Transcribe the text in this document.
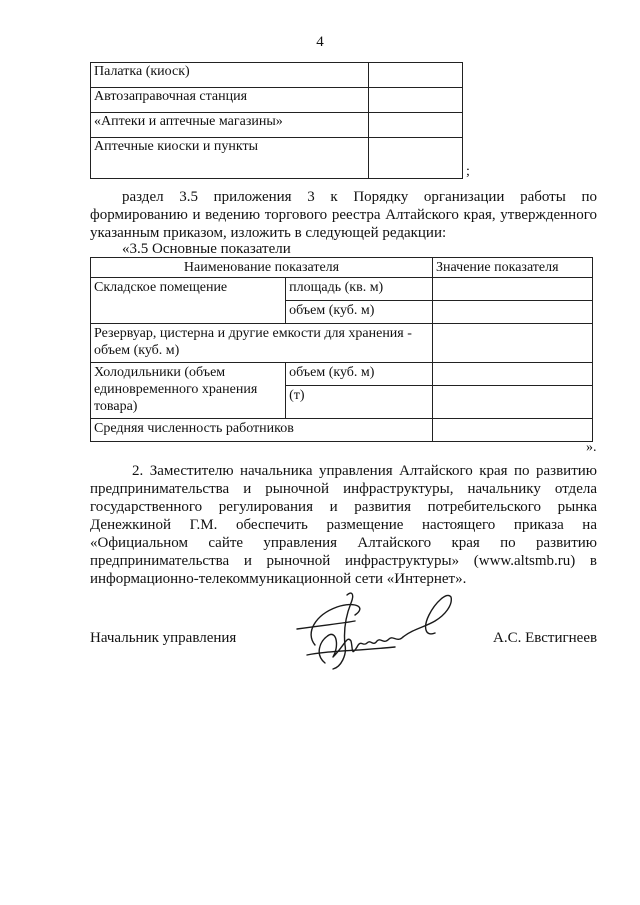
4
Палатка (киоск)	
Автозаправочная станция	
«Аптеки и аптечные магазины»	
Аптечные киоски и пункты	
;
раздел 3.5 приложения 3 к Порядку организации работы по формированию и ведению торгового реестра Алтайского края, утвержденного указанным приказом, изложить в следующей редакции:
«3.5 Основные показатели
Наименование показателя		Значение показателя
Складское помещение	площадь (кв. м)	
	объем (куб. м)	
Резервуар, цистерна и другие емкости для хранения - объем (куб. м)		
Холодильники (объем единовременного хранения товара)	объем (куб. м)	
	(т)	
Средняя численность работников		
».
2. Заместителю начальника управления Алтайского края по развитию предпринимательства и рыночной инфраструктуры, начальнику отдела государственного регулирования и развития потребительского рынка Денежкиной Г.М. обеспечить размещение настоящего приказа на «Официальном сайте управления Алтайского края по развитию предпринимательства и рыночной инфраструктуры» (www.altsmb.ru) в информационно-телекоммуникационной сети «Интернет».
Начальник управления	А.С. Евстигнеев
